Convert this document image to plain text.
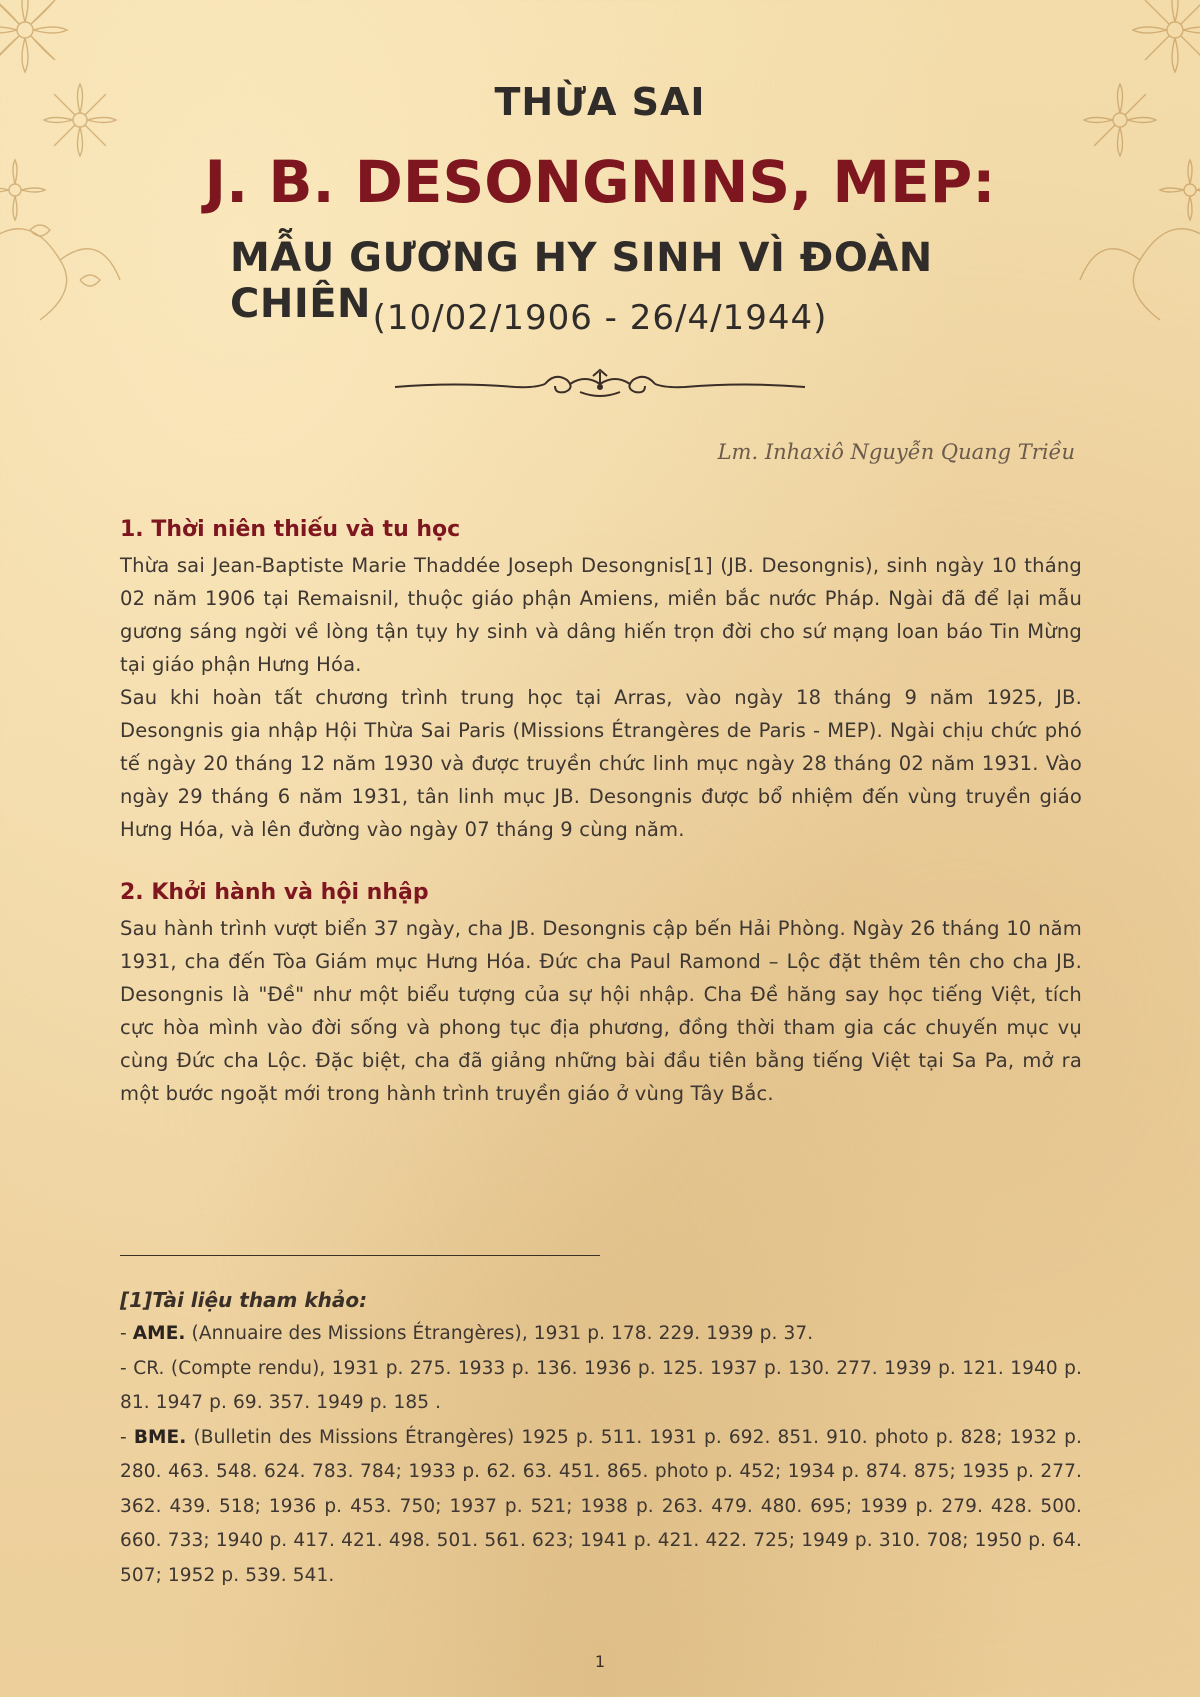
THỪA SAI
J. B. DESONGNINS, MEP:
MẪU GƯƠNG HY SINH VÌ ĐOÀN CHIÊN (10/02/1906 - 26/4/1944)
Lm. Inhaxiô Nguyễn Quang Triều
1. Thời niên thiếu và tu học

Thừa sai Jean-Baptiste Marie Thaddée Joseph Desongnis[1] (JB. Desongnis), sinh ngày 10 tháng 02 năm 1906 tại Remaisnil, thuộc giáo phận Amiens, miền bắc nước Pháp. Ngài đã để lại mẫu gương sáng ngời về lòng tận tụy hy sinh và dâng hiến trọn đời cho sứ mạng loan báo Tin Mừng tại giáo phận Hưng Hóa.

Sau khi hoàn tất chương trình trung học tại Arras, vào ngày 18 tháng 9 năm 1925, JB. Desongnis gia nhập Hội Thừa Sai Paris (Missions Étrangères de Paris - MEP). Ngài chịu chức phó tế ngày 20 tháng 12 năm 1930 và được truyền chức linh mục ngày 28 tháng 02 năm 1931. Vào ngày 29 tháng 6 năm 1931, tân linh mục JB. Desongnis được bổ nhiệm đến vùng truyền giáo Hưng Hóa, và lên đường vào ngày 07 tháng 9 cùng năm.

2. Khởi hành và hội nhập

Sau hành trình vượt biển 37 ngày, cha JB. Desongnis cập bến Hải Phòng. Ngày 26 tháng 10 năm 1931, cha đến Tòa Giám mục Hưng Hóa. Đức cha Paul Ramond – Lộc đặt thêm tên cho cha JB. Desongnis là "Đề" như một biểu tượng của sự hội nhập. Cha Đề hăng say học tiếng Việt, tích cực hòa mình vào đời sống và phong tục địa phương, đồng thời tham gia các chuyến mục vụ cùng Đức cha Lộc. Đặc biệt, cha đã giảng những bài đầu tiên bằng tiếng Việt tại Sa Pa, mở ra một bước ngoặt mới trong hành trình truyền giáo ở vùng Tây Bắc.

[1]Tài liệu tham khảo:
- AME. (Annuaire des Missions Étrangères), 1931 p. 178. 229. 1939 p. 37.
- CR. (Compte rendu), 1931 p. 275. 1933 p. 136. 1936 p. 125. 1937 p. 130. 277. 1939 p. 121. 1940 p. 81. 1947 p. 69. 357. 1949 p. 185 .
- BME. (Bulletin des Missions Étrangères) 1925 p. 511. 1931 p. 692. 851. 910. photo p. 828; 1932 p. 280. 463. 548. 624. 783. 784; 1933 p. 62. 63. 451. 865. photo p. 452; 1934 p. 874. 875; 1935 p. 277. 362. 439. 518; 1936 p. 453. 750; 1937 p. 521; 1938 p. 263. 479. 480. 695; 1939 p. 279. 428. 500. 660. 733; 1940 p. 417. 421. 498. 501. 561. 623; 1941 p. 421. 422. 725; 1949 p. 310. 708; 1950 p. 64. 507; 1952 p. 539. 541.
1
